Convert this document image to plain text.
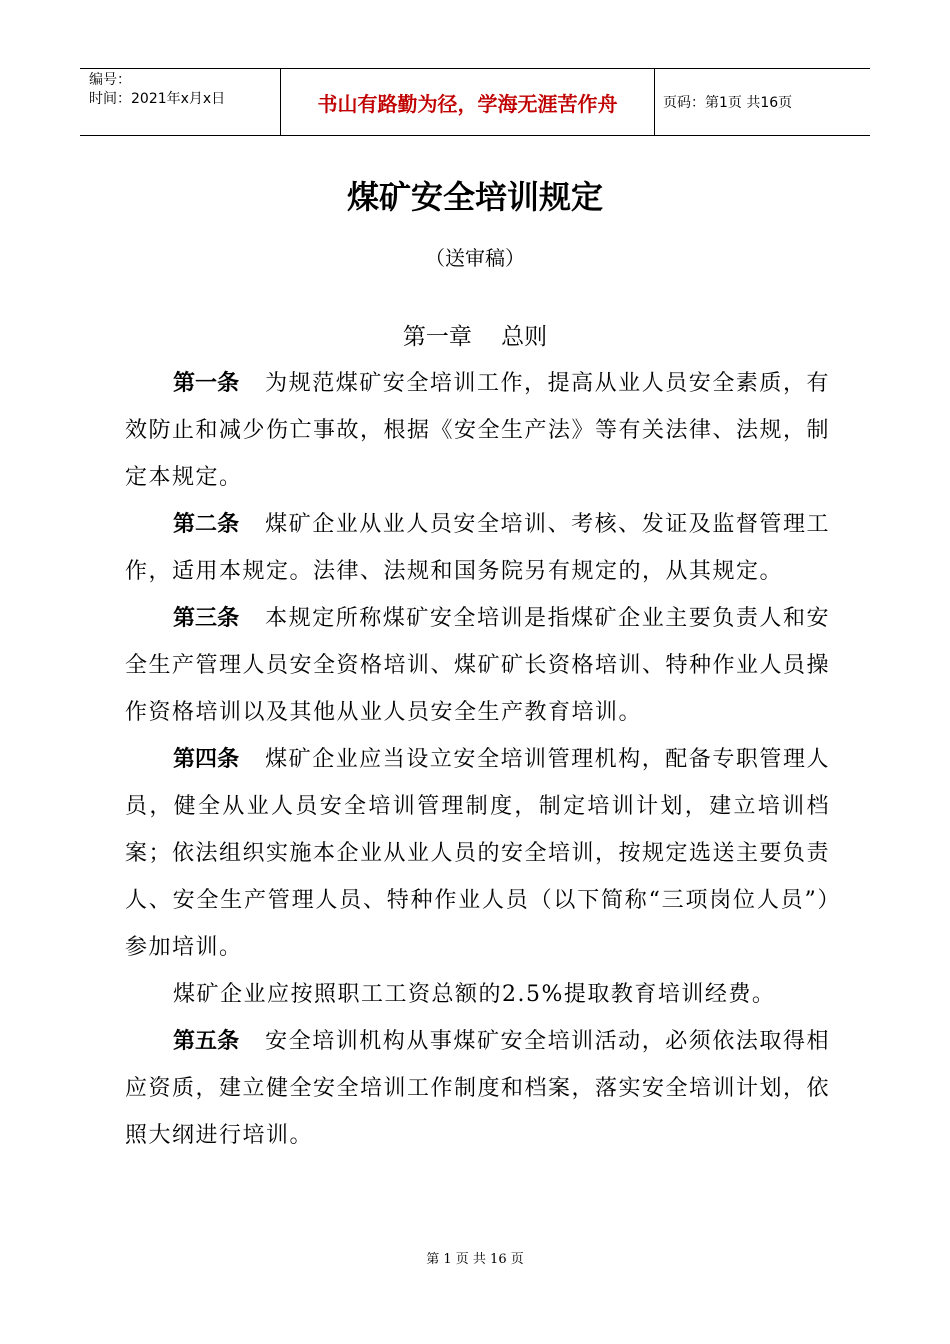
编号：
时间：2021年x月x日	书山有路勤为径，学海无涯苦作舟	页码：第1页 共16页
煤矿安全培训规定
（送审稿）
第一章    总则

第一条 为规范煤矿安全培训工作，提高从业人员安全素质，有效防止和减少伤亡事故，根据《安全生产法》等有关法律、法规，制定本规定。

第二条 煤矿企业从业人员安全培训、考核、发证及监督管理工作，适用本规定。法律、法规和国务院另有规定的，从其规定。

第三条 本规定所称煤矿安全培训是指煤矿企业主要负责人和安全生产管理人员安全资格培训、煤矿矿长资格培训、特种作业人员操作资格培训以及其他从业人员安全生产教育培训。

第四条 煤矿企业应当设立安全培训管理机构，配备专职管理人员，健全从业人员安全培训管理制度，制定培训计划，建立培训档案；依法组织实施本企业从业人员的安全培训，按规定选送主要负责人、安全生产管理人员、特种作业人员（以下简称“三项岗位人员”）参加培训。

煤矿企业应按照职工工资总额的2.5%提取教育培训经费。

第五条 安全培训机构从事煤矿安全培训活动，必须依法取得相应资质，建立健全安全培训工作制度和档案，落实安全培训计划，依照大纲进行培训。

第 1 页 共 16 页
